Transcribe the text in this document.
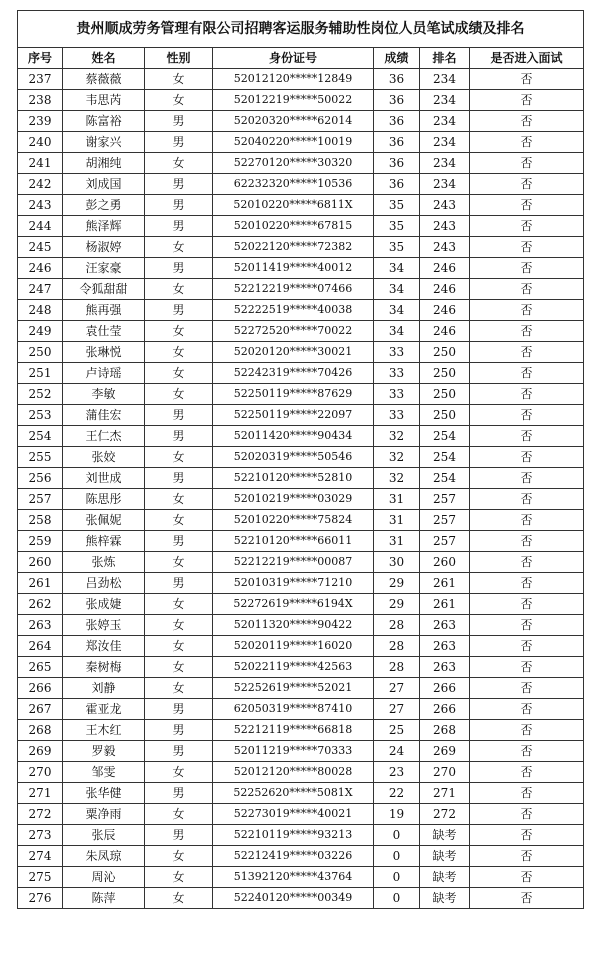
贵州顺成劳务管理有限公司招聘客运服务辅助性岗位人员笔试成绩及排名						
序号	姓名	性别	身份证号	成绩	排名	是否进入面试
237	蔡薇薇	女	52012120*****12849	36	234	否
238	韦思芮	女	52012219*****50022	36	234	否
239	陈富裕	男	52020320*****62014	36	234	否
240	谢家兴	男	52040220*****10019	36	234	否
241	胡湘纯	女	52270120*****30320	36	234	否
242	刘成国	男	62232320*****10536	36	234	否
243	彭之勇	男	52010220*****6811X	35	243	否
244	熊泽辉	男	52010220*****67815	35	243	否
245	杨淑婷	女	52022120*****72382	35	243	否
246	汪家豪	男	52011419*****40012	34	246	否
247	令狐甜甜	女	52212219*****07466	34	246	否
248	熊再强	男	52222519*****40038	34	246	否
249	袁仕莹	女	52272520*****70022	34	246	否
250	张琳悦	女	52020120*****30021	33	250	否
251	卢诗瑶	女	52242319*****70426	33	250	否
252	李敏	女	52250119*****87629	33	250	否
253	蒲佳宏	男	52250119*****22097	33	250	否
254	王仁杰	男	52011420*****90434	32	254	否
255	张姣	女	52020319*****50546	32	254	否
256	刘世成	男	52210120*****52810	32	254	否
257	陈思彤	女	52010219*****03029	31	257	否
258	张佩妮	女	52010220*****75824	31	257	否
259	熊梓霖	男	52210120*****66011	31	257	否
260	张炼	女	52212219*****00087	30	260	否
261	吕劲松	男	52010319*****71210	29	261	否
262	张成婕	女	52272619*****6194X	29	261	否
263	张婷玉	女	52011320*****90422	28	263	否
264	郑汝佳	女	52020119*****16020	28	263	否
265	秦树梅	女	52022119*****42563	28	263	否
266	刘静	女	52252619*****52021	27	266	否
267	霍亚龙	男	62050319*****87410	27	266	否
268	王木红	男	52212119*****66818	25	268	否
269	罗毅	男	52011219*****70333	24	269	否
270	邹雯	女	52012120*****80028	23	270	否
271	张华健	男	52252620*****5081X	22	271	否
272	粟净雨	女	52273019*****40021	19	272	否
273	张辰	男	52210119*****93213	0	缺考	否
274	朱凤琼	女	52212419*****03226	0	缺考	否
275	周沁	女	51392120*****43764	0	缺考	否
276	陈萍	女	52240120*****00349	0	缺考	否
